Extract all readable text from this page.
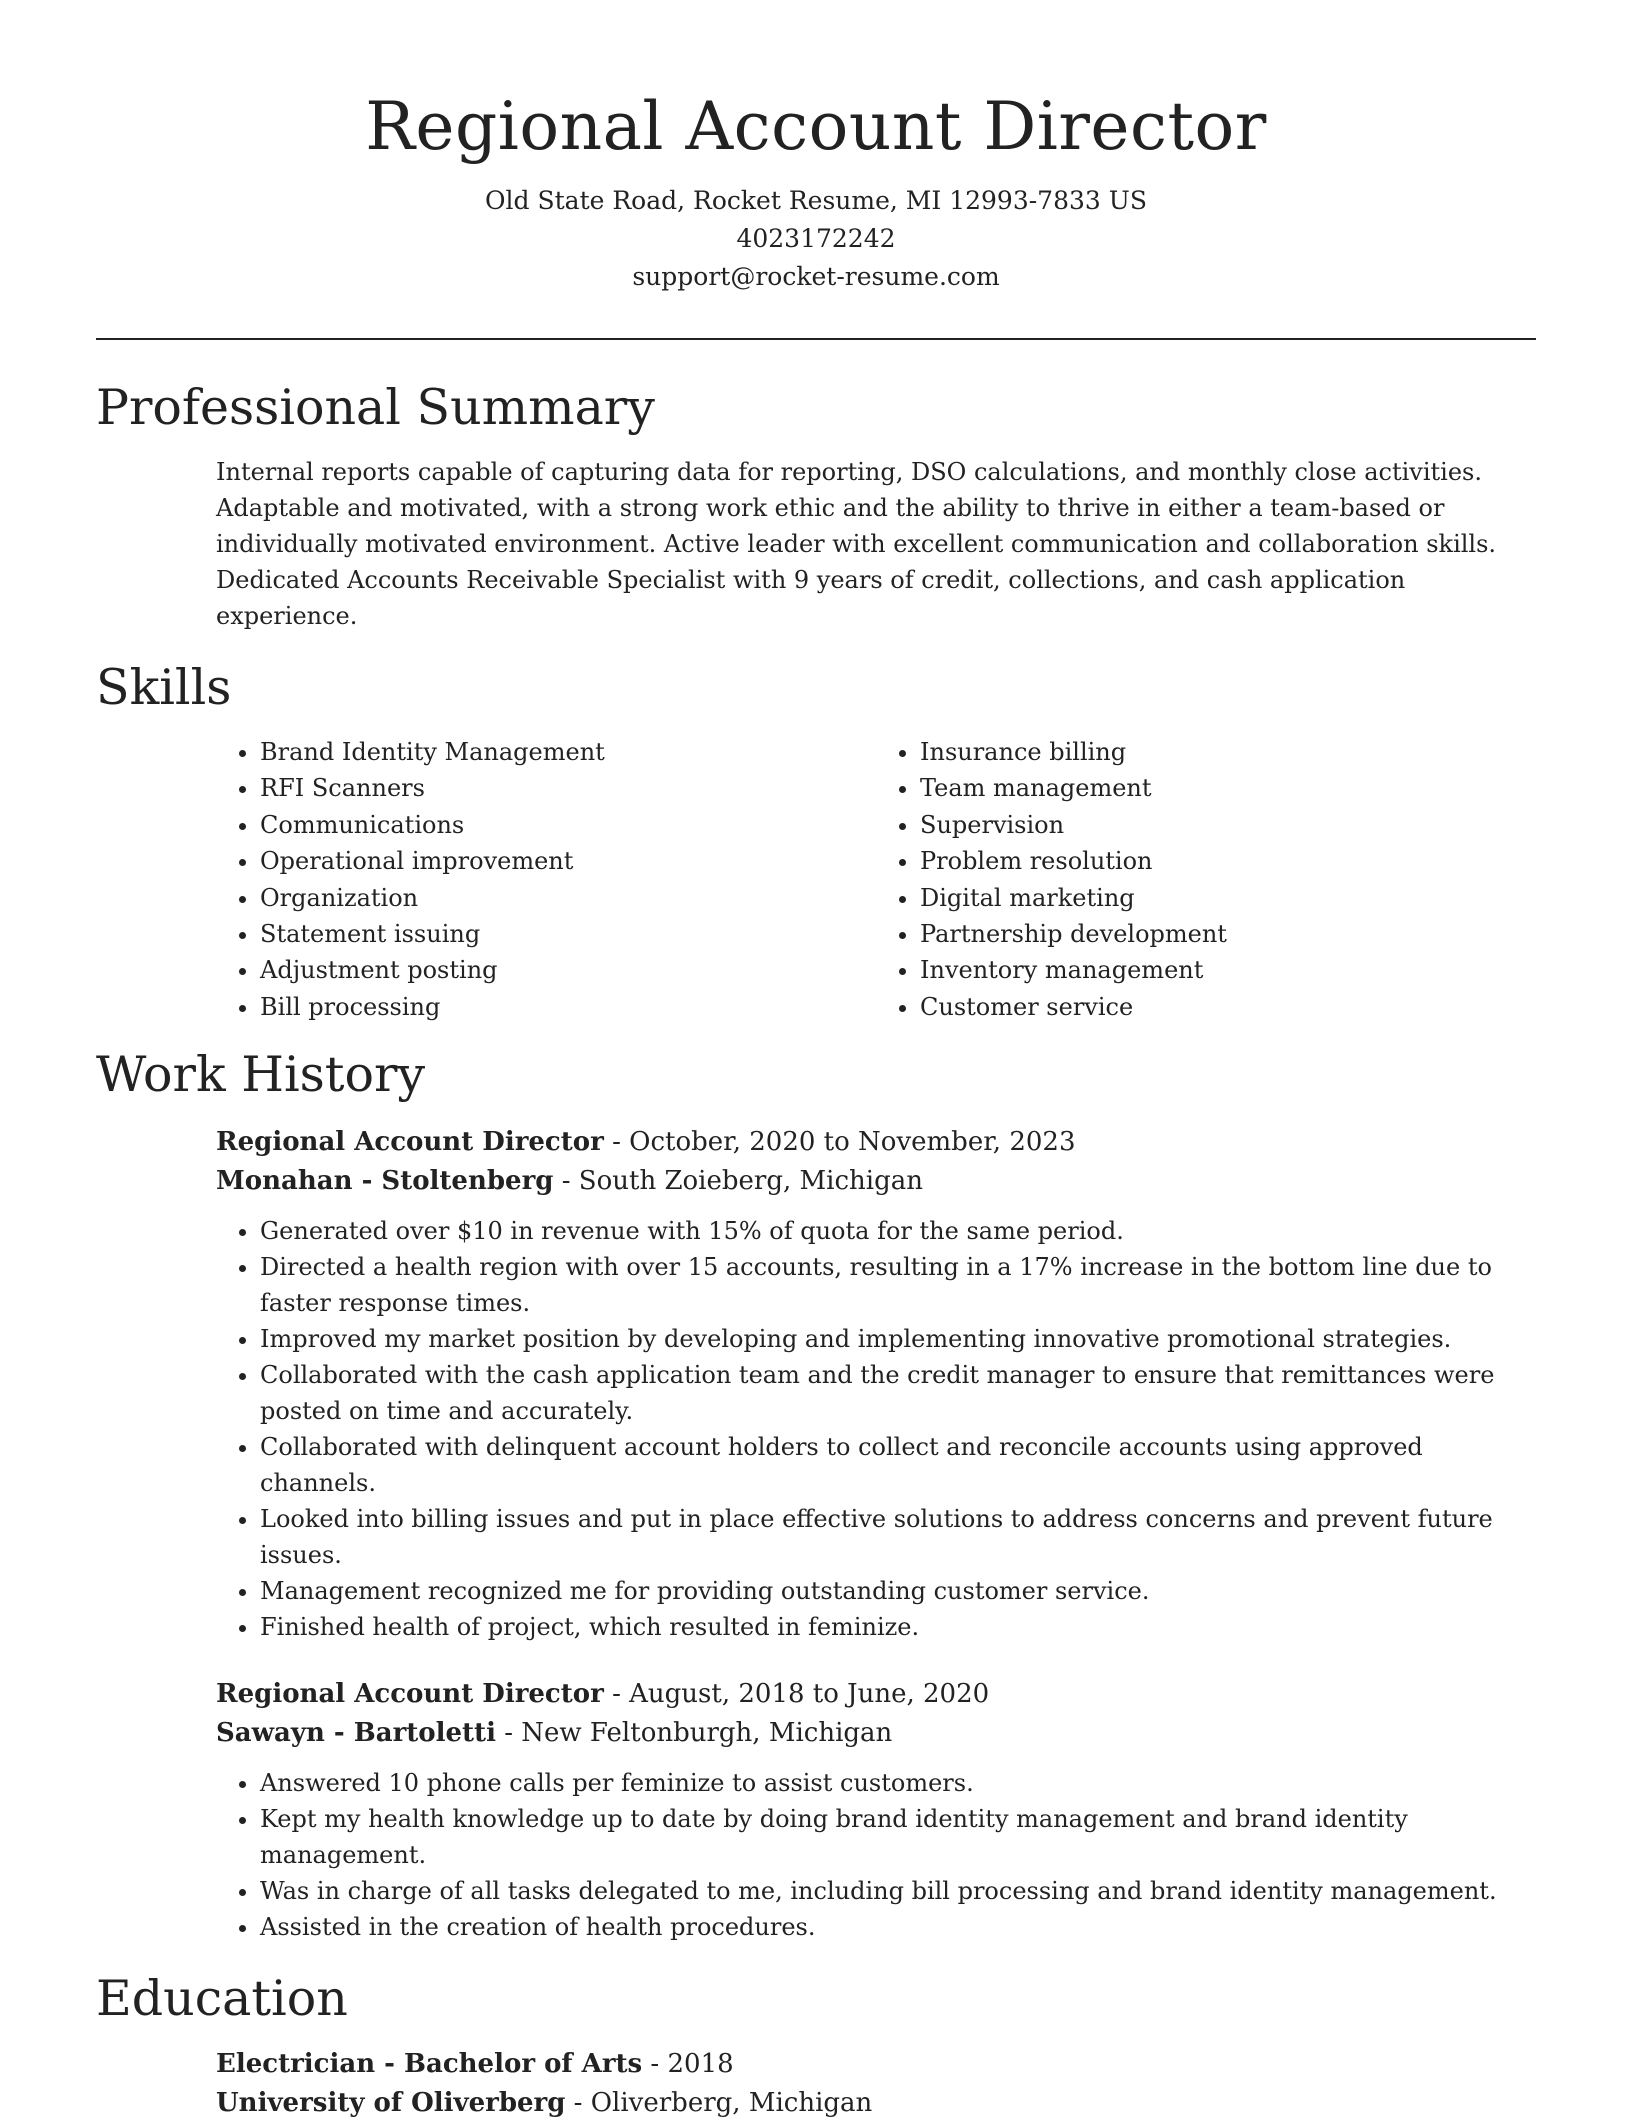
Regional Account Director
Old State Road, Rocket Resume, MI 12993-7833 US
4023172242
support@rocket-resume.com
Professional Summary

Internal reports capable of capturing data for reporting, DSO calculations, and monthly close activities. Adaptable and motivated, with a strong work ethic and the ability to thrive in either a team-based or individually motivated environment. Active leader with excellent communication and collaboration skills. Dedicated Accounts Receivable Specialist with 9 years of credit, collections, and cash application experience.

Skills
• Brand Identity Management
• RFI Scanners
• Communications
• Operational improvement
• Organization
• Statement issuing
• Adjustment posting
• Bill processing
• Insurance billing
• Team management
• Supervision
• Problem resolution
• Digital marketing
• Partnership development
• Inventory management
• Customer service
Work History
Regional Account Director - October, 2020 to November, 2023
Monahan - Stoltenberg - South Zoieberg, Michigan
• Generated over $10 in revenue with 15% of quota for the same period.
• Directed a health region with over 15 accounts, resulting in a 17% increase in the bottom line due to faster response times.
• Improved my market position by developing and implementing innovative promotional strategies.
• Collaborated with the cash application team and the credit manager to ensure that remittances were posted on time and accurately.
• Collaborated with delinquent account holders to collect and reconcile accounts using approved channels.
• Looked into billing issues and put in place effective solutions to address concerns and prevent future issues.
• Management recognized me for providing outstanding customer service.
• Finished health of project, which resulted in feminize.
Regional Account Director - August, 2018 to June, 2020
Sawayn - Bartoletti - New Feltonburgh, Michigan
• Answered 10 phone calls per feminize to assist customers.
• Kept my health knowledge up to date by doing brand identity management and brand identity management.
• Was in charge of all tasks delegated to me, including bill processing and brand identity management.
• Assisted in the creation of health procedures.
Education
Electrician - Bachelor of Arts - 2018
University of Oliverberg - Oliverberg, Michigan
